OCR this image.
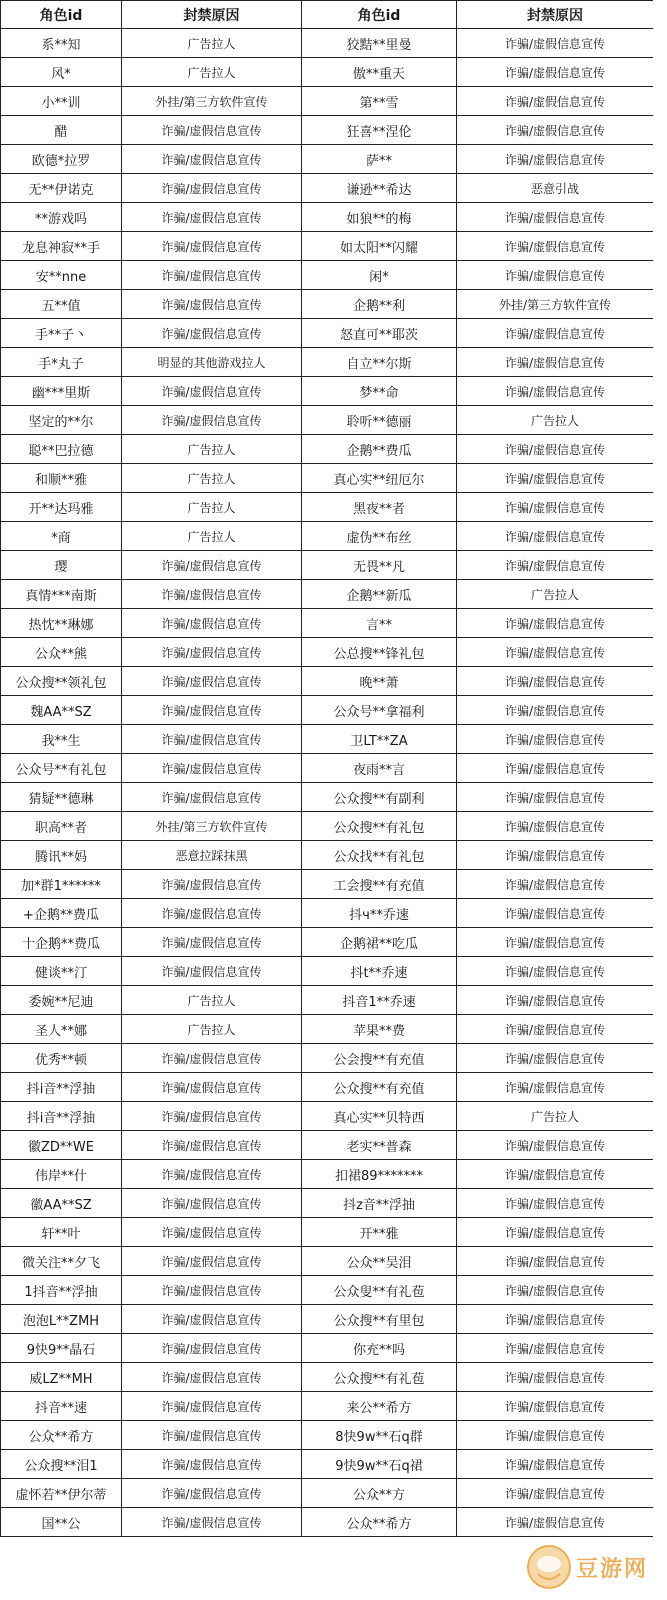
角色id	封禁原因	角色id	封禁原因
系**知	广告拉人	狡黠**里曼	诈骗/虚假信息宣传
风*	广告拉人	傲**重天	诈骗/虚假信息宣传
小**训	外挂/第三方软件宣传	第**雪	诈骗/虚假信息宣传
醋	诈骗/虚假信息宣传	狂喜**涅伦	诈骗/虚假信息宣传
欧德*拉罗	诈骗/虚假信息宣传	萨**	诈骗/虚假信息宣传
无**伊诺克	诈骗/虚假信息宣传	谦逊**希达	恶意引战
**游戏吗	诈骗/虚假信息宣传	如狼**的梅	诈骗/虚假信息宣传
龙息神寂**手	诈骗/虚假信息宣传	如太阳**闪耀	诈骗/虚假信息宣传
安**nne	诈骗/虚假信息宣传	闲*	诈骗/虚假信息宣传
五**值	诈骗/虚假信息宣传	企鹅**利	外挂/第三方软件宣传
手**子丶	诈骗/虚假信息宣传	怒直可**耶茨	诈骗/虚假信息宣传
手*丸子	明显的其他游戏拉人	自立**尔斯	诈骗/虚假信息宣传
幽***里斯	诈骗/虚假信息宣传	梦**命	诈骗/虚假信息宣传
坚定的**尔	诈骗/虚假信息宣传	聆听**德丽	广告拉人
聪**巴拉德	广告拉人	企鹅**费瓜	诈骗/虚假信息宣传
和顺**雅	广告拉人	真心实**纽厄尔	诈骗/虚假信息宣传
开**达玛雅	广告拉人	黑夜**者	诈骗/虚假信息宣传
*商	广告拉人	虚伪**布丝	诈骗/虚假信息宣传
璎	诈骗/虚假信息宣传	无畏**凡	诈骗/虚假信息宣传
真情***南斯	诈骗/虚假信息宣传	企鹅**新瓜	广告拉人
热忱**琳娜	诈骗/虚假信息宣传	言**	诈骗/虚假信息宣传
公众**熊	诈骗/虚假信息宣传	公总搜**锋礼包	诈骗/虚假信息宣传
公众搜**领礼包	诈骗/虚假信息宣传	晚**萧	诈骗/虚假信息宣传
魏AA**SZ	诈骗/虚假信息宣传	公众号**拿福利	诈骗/虚假信息宣传
我**生	诈骗/虚假信息宣传	卫LT**ZA	诈骗/虚假信息宣传
公众号**有礼包	诈骗/虚假信息宣传	夜雨**言	诈骗/虚假信息宣传
猜疑**德琳	诈骗/虚假信息宣传	公众搜**有副利	诈骗/虚假信息宣传
职高**者	外挂/第三方软件宣传	公众搜**有礼包	诈骗/虚假信息宣传
腾讯**妈	恶意拉踩抹黑	公众找**有礼包	诈骗/虚假信息宣传
加*群1******	诈骗/虚假信息宣传	工会搜**有充值	诈骗/虚假信息宣传
+企鹅**费瓜	诈骗/虚假信息宣传	抖ч**乔速	诈骗/虚假信息宣传
十企鹅**费瓜	诈骗/虚假信息宣传	企鹅裙**吃瓜	诈骗/虚假信息宣传
健谈**汀	诈骗/虚假信息宣传	抖t**乔速	诈骗/虚假信息宣传
委婉**尼迪	广告拉人	抖音1**乔速	诈骗/虚假信息宣传
圣人**娜	广告拉人	苹果**费	诈骗/虚假信息宣传
优秀**顿	诈骗/虚假信息宣传	公会搜**有充值	诈骗/虚假信息宣传
抖i音**浮抽	诈骗/虚假信息宣传	公众搜**有充值	诈骗/虚假信息宣传
抖i音**浮抽	诈骗/虚假信息宣传	真心实**贝特西	广告拉人
徽ZD**WE	诈骗/虚假信息宣传	老实**普森	诈骗/虚假信息宣传
伟岸**什	诈骗/虚假信息宣传	扣裙89*******	诈骗/虚假信息宣传
徽AA**SZ	诈骗/虚假信息宣传	抖z音**浮抽	诈骗/虚假信息宣传
轩**叶	诈骗/虚假信息宣传	开**雅	诈骗/虚假信息宣传
微关注**夕飞	诈骗/虚假信息宣传	公众**吴泪	诈骗/虚假信息宣传
1抖音**浮抽	诈骗/虚假信息宣传	公众叟**有礼苞	诈骗/虚假信息宣传
泡泡L**ZMH	诈骗/虚假信息宣传	公众搜**有里包	诈骗/虚假信息宣传
9快9**晶石	诈骗/虚假信息宣传	你充**吗	诈骗/虚假信息宣传
威LZ**MH	诈骗/虚假信息宣传	公众搜**有礼苞	诈骗/虚假信息宣传
抖音**速	诈骗/虚假信息宣传	来公**希方	诈骗/虚假信息宣传
公众**希方	诈骗/虚假信息宣传	8快9w**石q群	诈骗/虚假信息宣传
公众搜**泪1	诈骗/虚假信息宣传	9快9w**石q裙	诈骗/虚假信息宣传
虚怀若**伊尔蒂	诈骗/虚假信息宣传	公众**方	诈骗/虚假信息宣传
国**公	诈骗/虚假信息宣传	公众**希方	诈骗/虚假信息宣传
豆游网
